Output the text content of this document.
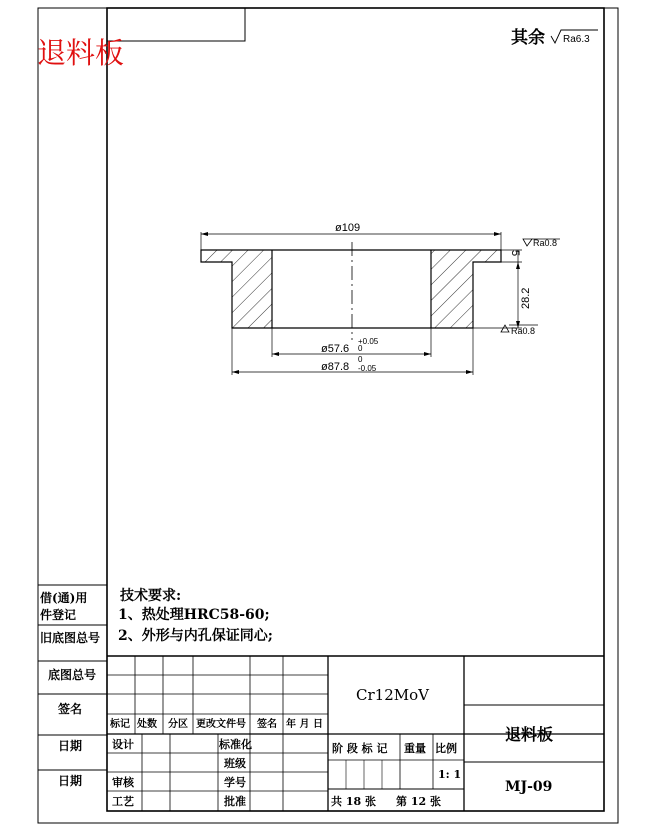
退料板	其余 Ra6.3
ø109
5
28.2
Ra0.8
Ra0.8
ø57.6
+0.05
0
ø87.8
0
-0.05
借(通)用
件登记
旧底图总号
底图总号
签名
日期
日期
技术要求:
1、热处理HRC58-60;
2、外形与内孔保证同心;
Cr12MoV
退料板
MJ-09
标记 处数 分区 更改文件号 签名 年 月 日
设计
审核
工艺
标准化
班级
学号
批准
阶 段 标 记 重量 比例
1: 1
共 18 张 第 12 张
